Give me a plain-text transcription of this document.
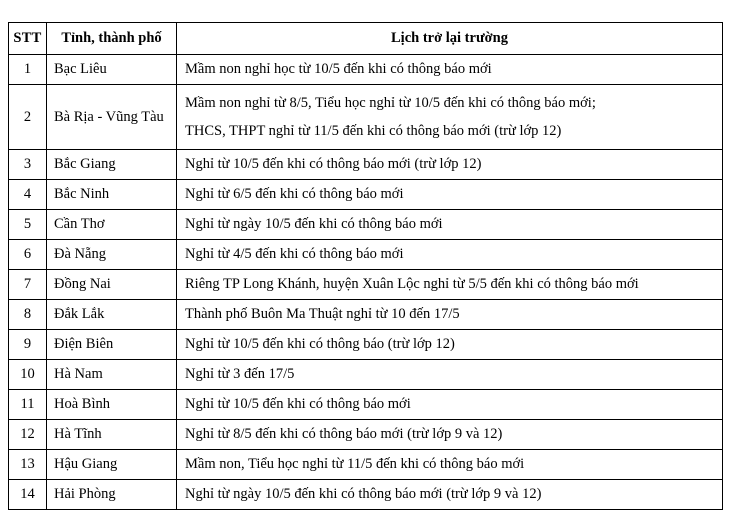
STT	Tỉnh, thành phố	Lịch trở lại trường
1	Bạc Liêu	Mầm non nghỉ học từ 10/5 đến khi có thông báo mới

2	Bà Rịa - Vũng Tàu	Mầm non nghỉ từ 8/5, Tiểu học nghỉ từ 10/5 đến khi có thông báo mới;
THCS, THPT nghỉ từ 11/5 đến khi có thông báo mới (trừ lớp 12)

3	Bắc Giang	Nghỉ từ 10/5 đến khi có thông báo mới (trừ lớp 12)

4	Bắc Ninh	Nghỉ từ 6/5 đến khi có thông báo mới

5	Cần Thơ	Nghỉ từ ngày 10/5 đến khi có thông báo mới

6	Đà Nẵng	Nghỉ từ 4/5 đến khi có thông báo mới

7	Đồng Nai	Riêng TP Long Khánh, huyện Xuân Lộc nghỉ từ 5/5 đến khi có thông báo mới

8	Đắk Lắk	Thành phố Buôn Ma Thuật nghỉ từ 10 đến 17/5

9	Điện Biên	Nghỉ từ 10/5 đến khi có thông báo (trừ lớp 12)

10	Hà Nam	Nghỉ từ 3 đến 17/5

11	Hoà Bình	Nghỉ từ 10/5 đến khi có thông báo mới

12	Hà Tĩnh	Nghỉ từ 8/5 đến khi có thông báo mới (trừ lớp 9 và 12)

13	Hậu Giang	Mầm non, Tiểu học nghỉ từ 11/5 đến khi có thông báo mới

14	Hải Phòng	Nghỉ từ ngày 10/5 đến khi có thông báo mới (trừ lớp 9 và 12)
